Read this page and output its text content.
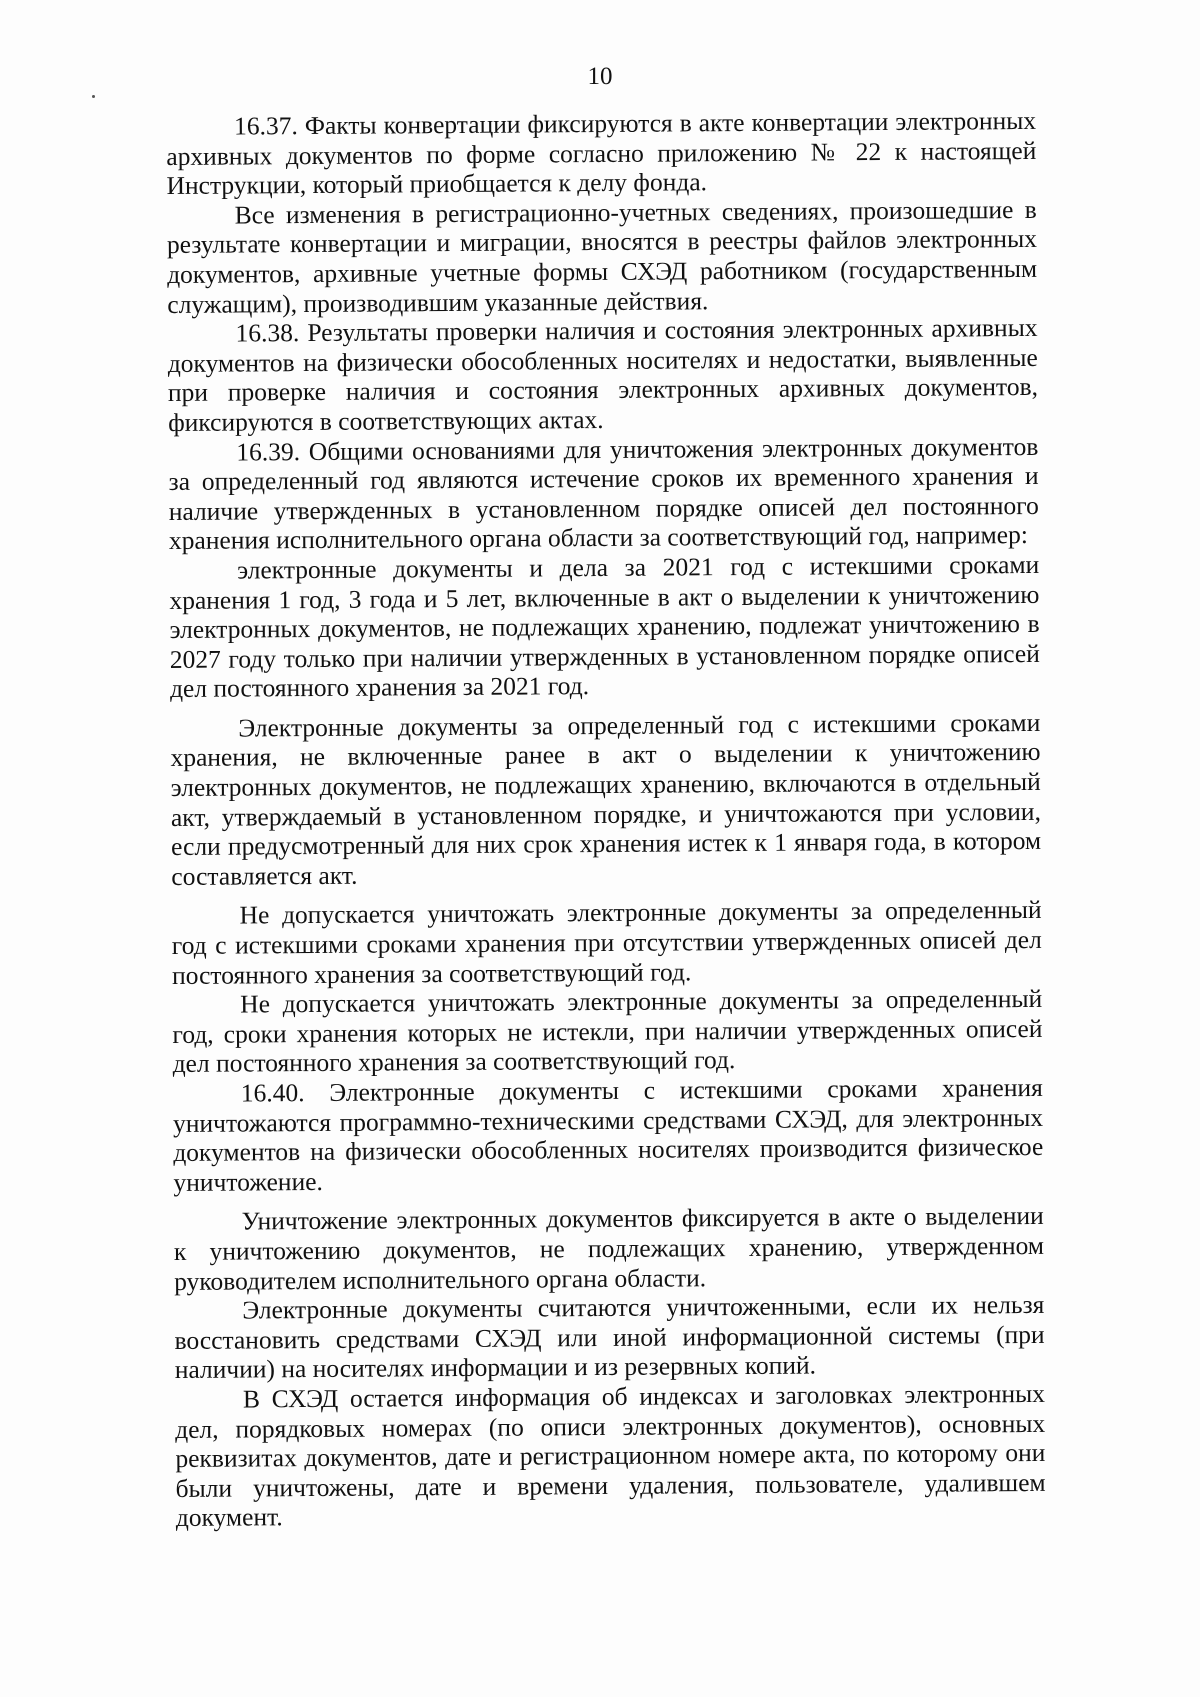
10

16.37. Факты конвертации фиксируются в акте конвертации электронных архивных документов по форме согласно приложению № 22 к настоящей Инструкции, который приобщается к делу фонда.

Все изменения в регистрационно-учетных сведениях, произошедшие в результате конвертации и миграции, вносятся в реестры файлов электронных документов, архивные учетные формы СХЭД работником (государственным служащим), производившим указанные действия.

16.38. Результаты проверки наличия и состояния электронных архивных документов на физически обособленных носителях и недостатки, выявленные при проверке наличия и состояния электронных архивных документов, фиксируются в соответствующих актах.

16.39. Общими основаниями для уничтожения электронных документов за определенный год являются истечение сроков их временного хранения и наличие утвержденных в установленном порядке описей дел постоянного хранения исполнительного органа области за соответствующий год, например:

электронные документы и дела за 2021 год с истекшими сроками хранения 1 год, 3 года и 5 лет, включенные в акт о выделении к уничтожению электронных документов, не подлежащих хранению, подлежат уничтожению в 2027 году только при наличии утвержденных в установленном порядке описей дел постоянного хранения за 2021 год.

Электронные документы за определенный год с истекшими сроками хранения, не включенные ранее в акт о выделении к уничтожению электронных документов, не подлежащих хранению, включаются в отдельный акт, утверждаемый в установленном порядке, и уничтожаются при условии, если предусмотренный для них срок хранения истек к 1 января года, в котором составляется акт.

Не допускается уничтожать электронные документы за определенный год с истекшими сроками хранения при отсутствии утвержденных описей дел постоянного хранения за соответствующий год.

Не допускается уничтожать электронные документы за определенный год, сроки хранения которых не истекли, при наличии утвержденных описей дел постоянного хранения за соответствующий год.

16.40. Электронные документы с истекшими сроками хранения уничтожаются программно-техническими средствами СХЭД, для электронных документов на физически обособленных носителях производится физическое уничтожение.

Уничтожение электронных документов фиксируется в акте о выделении к уничтожению документов, не подлежащих хранению, утвержденном руководителем исполнительного органа области.

Электронные документы считаются уничтоженными, если их нельзя восстановить средствами СХЭД или иной информационной системы (при наличии) на носителях информации и из резервных копий.

В СХЭД остается информация об индексах и заголовках электронных дел, порядковых номерах (по описи электронных документов), основных реквизитах документов, дате и регистрационном номере акта, по которому они были уничтожены, дате и времени удаления, пользователе, удалившем документ.
